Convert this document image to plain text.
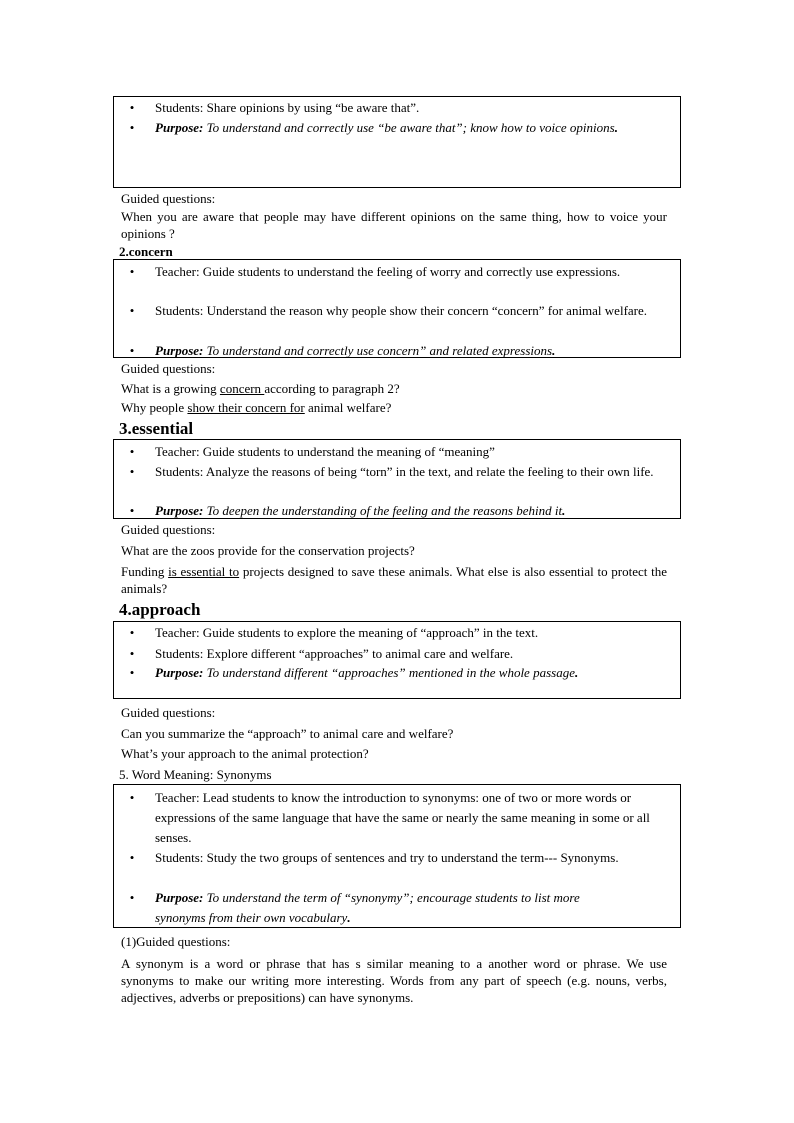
• Students: Share opinions by using “be aware that”.
• Purpose: To understand and correctly use “be aware that”; know how to voice opinions.
Guided questions:
When you are aware that people may have different opinions on the same thing, how to voice your opinions ?
2.concern
• Teacher: Guide students to understand the feeling of worry and correctly use expressions.
• Students: Understand the reason why people show their concern “concern” for animal welfare.
• Purpose: To understand and correctly use concern” and related expressions.
Guided questions:
What is a growing concern according to paragraph 2?
Why people show their concern for animal welfare?
3.essential
• Teacher: Guide students to understand the meaning of “meaning”
• Students: Analyze the reasons of being “torn” in the text, and relate the feeling to their own life.
• Purpose: To deepen the understanding of the feeling and the reasons behind it.
Guided questions:
What are the zoos provide for the conservation projects?
Funding is essential to projects designed to save these animals. What else is also essential to protect the animals?
4.approach
• Teacher: Guide students to explore the meaning of “approach” in the text.
• Students: Explore different “approaches” to animal care and welfare.
• Purpose: To understand different “approaches” mentioned in the whole passage.
Guided questions:
Can you summarize the “approach” to animal care and welfare?
What’s your approach to the animal protection?
5. Word Meaning: Synonyms
• Teacher: Lead students to know the introduction to synonyms: one of two or more words or expressions of the same language that have the same or nearly the same meaning in some or all senses.
• Students: Study the two groups of sentences and try to understand the term--- Synonyms.
• Purpose: To understand the term of “synonymy”; encourage students to list more synonyms from their own vocabulary.
(1)Guided questions:
A synonym is a word or phrase that has s similar meaning to a another word or phrase. We use synonyms to make our writing more interesting. Words from any part of speech (e.g. nouns, verbs, adjectives, adverbs or prepositions) can have synonyms.
